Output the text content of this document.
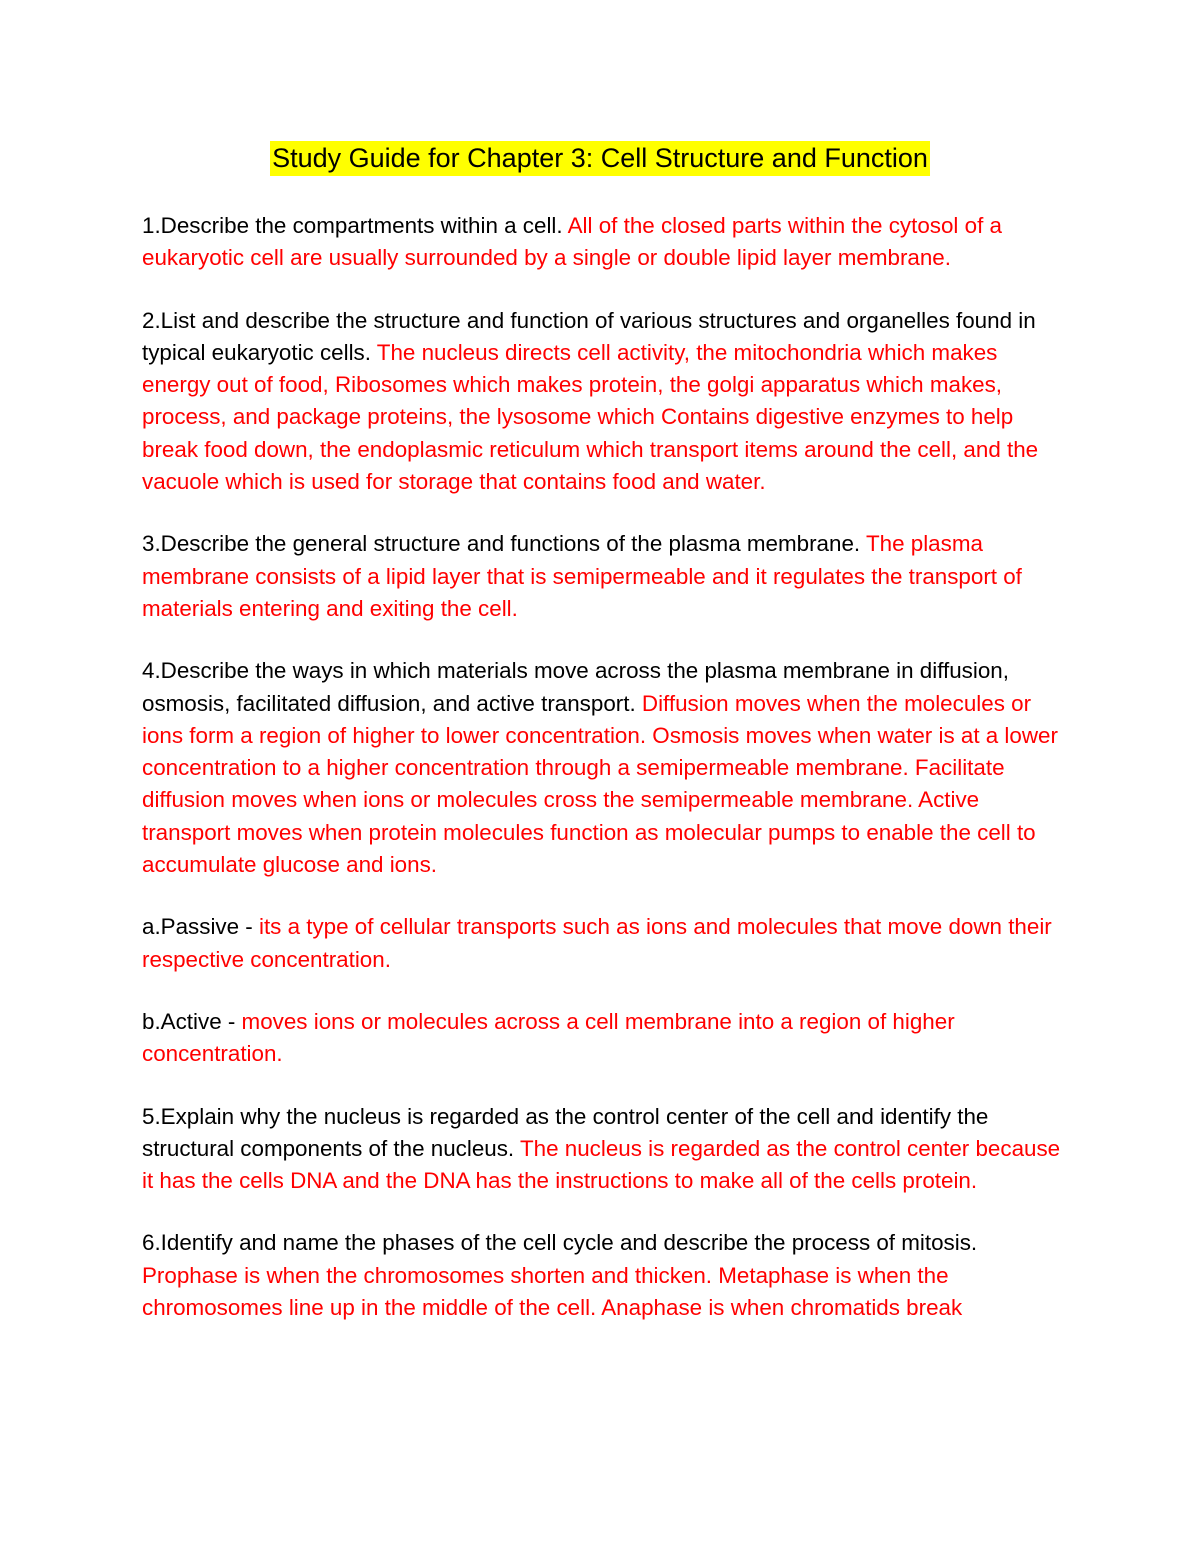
Study Guide for Chapter 3: Cell Structure and Function

1.Describe the compartments within a cell. All of the closed parts within the cytosol of a eukaryotic cell are usually surrounded by a single or double lipid layer membrane.

2.List and describe the structure and function of various structures and organelles found in typical eukaryotic cells. The nucleus directs cell activity, the mitochondria which makes energy out of food, Ribosomes which makes protein, the golgi apparatus which makes, process, and package proteins, the lysosome which Contains digestive enzymes to help break food down, the endoplasmic reticulum which transport items around the cell, and the vacuole which is used for storage that contains food and water.

3.Describe the general structure and functions of the plasma membrane. The plasma membrane consists of a lipid layer that is semipermeable and it regulates the transport of materials entering and exiting the cell.

4.Describe the ways in which materials move across the plasma membrane in diffusion, osmosis, facilitated diffusion, and active transport. Diffusion moves when the molecules or ions form a region of higher to lower concentration. Osmosis moves when water is at a lower concentration to a higher concentration through a semipermeable membrane. Facilitate diffusion moves when ions or molecules cross the semipermeable membrane. Active transport moves when protein molecules function as molecular pumps to enable the cell to accumulate glucose and ions.

a.Passive - its a type of cellular transports such as ions and molecules that move down their respective concentration.

b.Active - moves ions or molecules across a cell membrane into a region of higher concentration.

5.Explain why the nucleus is regarded as the control center of the cell and identify the structural components of the nucleus. The nucleus is regarded as the control center because it has the cells DNA and the DNA has the instructions to make all of the cells protein.

6.Identify and name the phases of the cell cycle and describe the process of mitosis. Prophase is when the chromosomes shorten and thicken. Metaphase is when the chromosomes line up in the middle of the cell. Anaphase is when chromatids break
